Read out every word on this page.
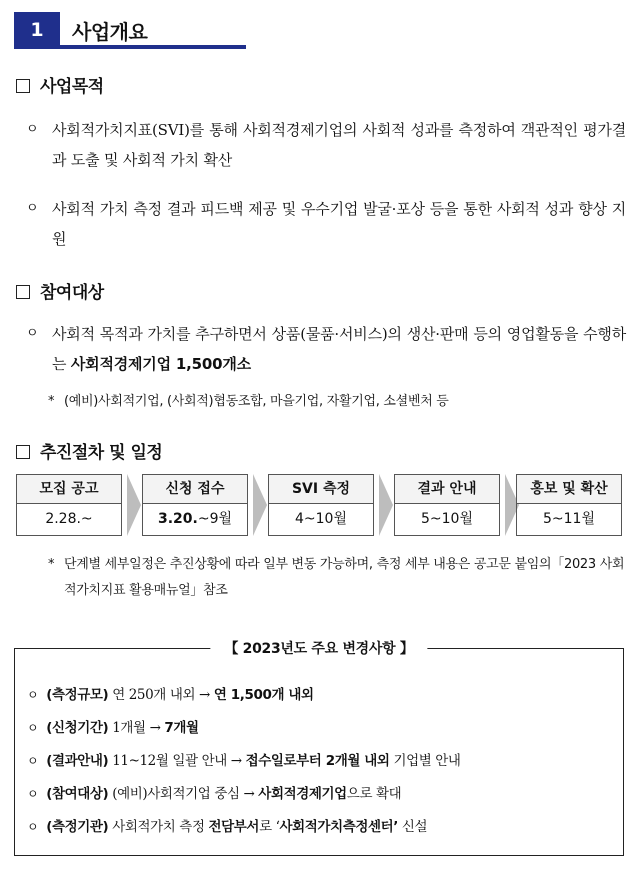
1	사업개요
사업목적
ㅇ 사회적가치지표(SVI)를 통해 사회적경제기업의 사회적 성과를 측정하여 객관적인 평가결과 도출 및 사회적 가치 확산
ㅇ 사회적 가치 측정 결과 피드백 제공 및 우수기업 발굴·포상 등을 통한 사회적 성과 향상 지원
참여대상
ㅇ 사회적 목적과 가치를 추구하면서 상품(물품·서비스)의 생산·판매 등의 영업활동을 수행하는 사회적경제기업 1,500개소
* (예비)사회적기업, (사회적)협동조합, 마을기업, 자활기업, 소셜벤처 등
추진절차 및 일정
모집 공고
2.28.~
신청 접수
3.20.~9월
SVI 측정
4~10월
결과 안내
5~10월
홍보 및 확산
5~11월
* 단계별 세부일정은 추진상황에 따라 일부 변동 가능하며, 측정 세부 내용은 공고문 붙임의「2023 사회적가치지표 활용매뉴얼」참조
【 2023년도 주요 변경사항 】
ㅇ (측정규모) 연 250개 내외 → 연 1,500개 내외
ㅇ (신청기간) 1개월 → 7개월
ㅇ (결과안내) 11~12월 일괄 안내 → 접수일로부터 2개월 내외 기업별 안내
ㅇ (참여대상) (예비)사회적기업 중심 → 사회적경제기업으로 확대
ㅇ (측정기관) 사회적가치 측정 전담부서로 ‘사회적가치측정센터’ 신설
